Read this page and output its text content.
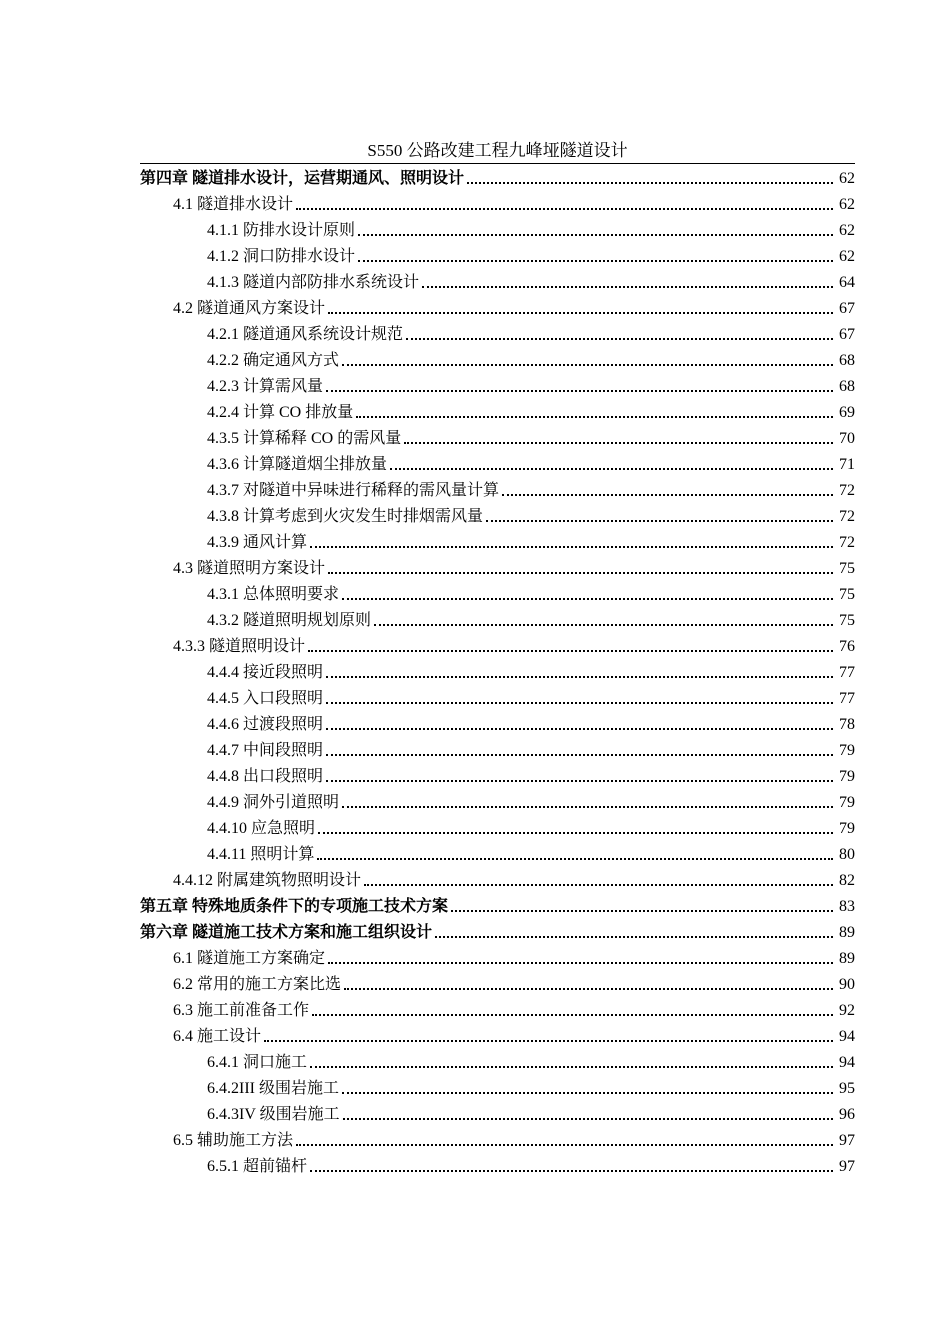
S550 公路改建工程九峰垭隧道设计
第四章 隧道排水设计，运营期通风、照明设计	62
4.1 隧道排水设计	62
4.1.1 防排水设计原则	62
4.1.2 洞口防排水设计	62
4.1.3 隧道内部防排水系统设计	64
4.2 隧道通风方案设计	67
4.2.1 隧道通风系统设计规范	67
4.2.2 确定通风方式	68
4.2.3 计算需风量	68
4.2.4 计算 CO 排放量	69
4.3.5 计算稀释 CO 的需风量	70
4.3.6 计算隧道烟尘排放量	71
4.3.7 对隧道中异味进行稀释的需风量计算	72
4.3.8 计算考虑到火灾发生时排烟需风量	72
4.3.9 通风计算	72
4.3 隧道照明方案设计	75
4.3.1 总体照明要求	75
4.3.2 隧道照明规划原则	75
4.3.3 隧道照明设计	76
4.4.4 接近段照明	77
4.4.5 入口段照明	77
4.4.6 过渡段照明	78
4.4.7 中间段照明	79
4.4.8 出口段照明	79
4.4.9 洞外引道照明	79
4.4.10 应急照明	79
4.4.11 照明计算	80
4.4.12 附属建筑物照明设计	82
第五章 特殊地质条件下的专项施工技术方案	83
第六章 隧道施工技术方案和施工组织设计	89
6.1 隧道施工方案确定	89
6.2 常用的施工方案比选	90
6.3 施工前准备工作	92
6.4 施工设计	94
6.4.1 洞口施工	94
6.4.2III 级围岩施工	95
6.4.3IV 级围岩施工	96
6.5 辅助施工方法	97
6.5.1 超前锚杆	97
